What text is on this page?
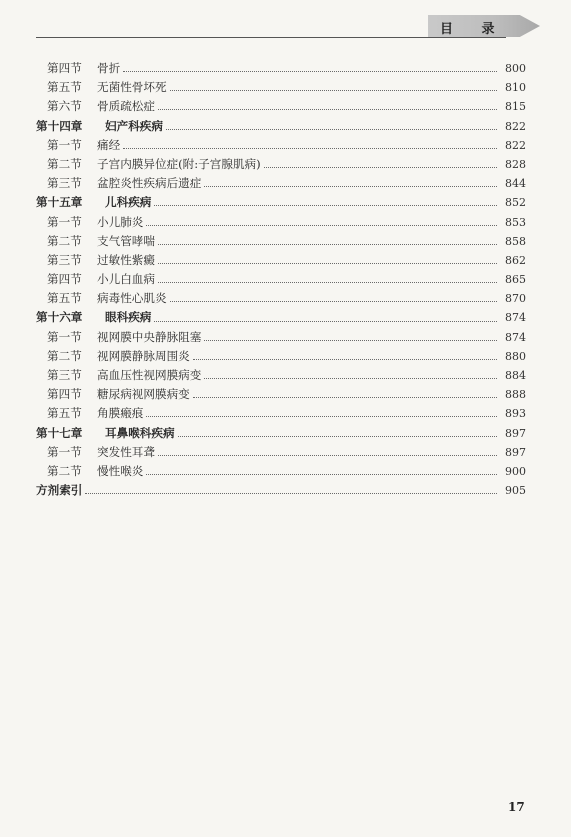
目 录
第四节	骨折	800
第五节	无菌性骨坏死	810
第六节	骨质疏松症	815
第十四章	妇产科疾病	822
第一节	痛经	822
第二节	子宫内膜异位症(附:子宫腺肌病)	828
第三节	盆腔炎性疾病后遗症	844
第十五章	儿科疾病	852
第一节	小儿肺炎	853
第二节	支气管哮喘	858
第三节	过敏性紫癜	862
第四节	小儿白血病	865
第五节	病毒性心肌炎	870
第十六章	眼科疾病	874
第一节	视网膜中央静脉阻塞	874
第二节	视网膜静脉周围炎	880
第三节	高血压性视网膜病变	884
第四节	糖尿病视网膜病变	888
第五节	角膜瘢痕	893
第十七章	耳鼻喉科疾病	897
第一节	突发性耳聋	897
第二节	慢性喉炎	900
方剂索引	905
17
